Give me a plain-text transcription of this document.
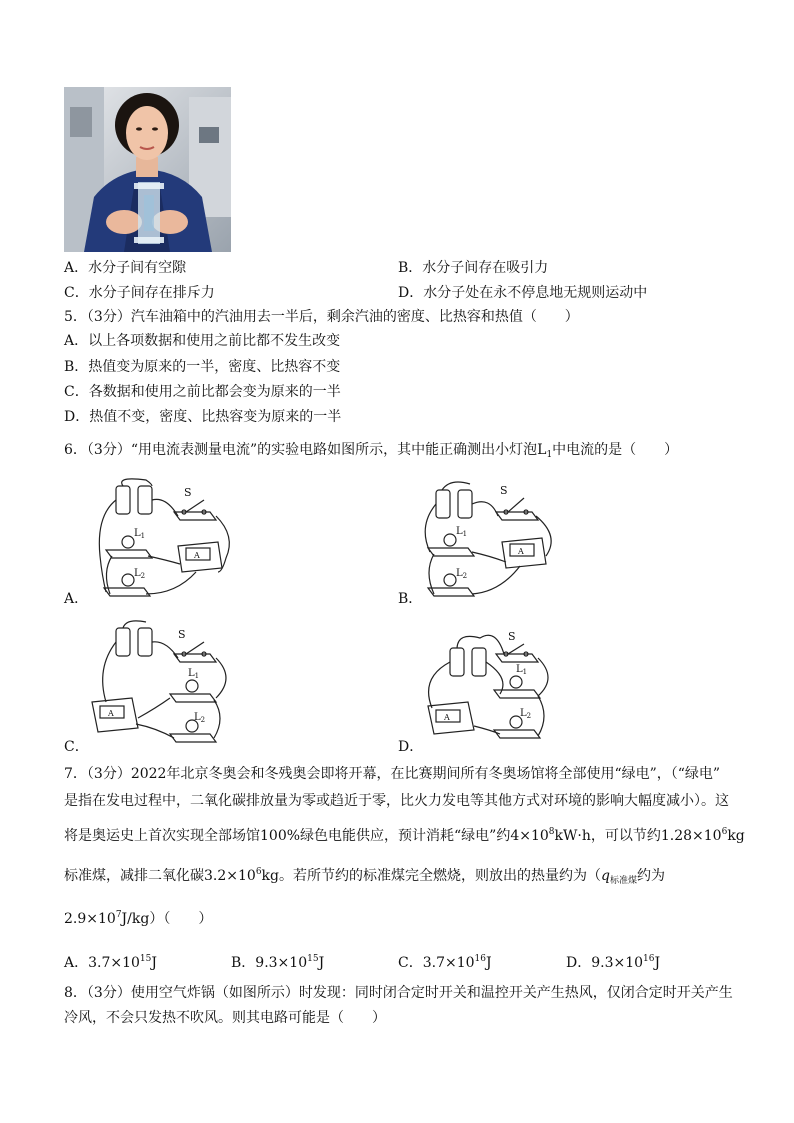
A．水分子间有空隙	B．水分子间存在吸引力
C．水分子间存在排斥力	D．水分子处在永不停息地无规则运动中
5．（3分）汽车油箱中的汽油用去一半后，剩余汽油的密度、比热容和热值（　　）
A．以上各项数据和使用之前比都不发生改变
B．热值变为原来的一半，密度、比热容不变
C．各数据和使用之前比都会变为原来的一半
D．热值不变，密度、比热容变为原来的一半
6．（3分）“用电流表测量电流”的实验电路如图所示，其中能正确测出小灯泡$L_1$中电流的是（　　）
S
$L_1$
$L_2$
A
A．
S
$L_1$
$L_2$
A
B．
S
$L_1$
$L_2$
A
C．
S
$L_1$
$L_2$
A
D．
7．（3分）2022年北京冬奥会和冬残奥会即将开幕，在比赛期间所有冬奥场馆将全部使用“绿电”，（“绿电”
是指在发电过程中，二氧化碳排放量为零或趋近于零，比火力发电等其他方式对环境的影响大幅度减小）。这
将是奥运史上首次实现全部场馆100%绿色电能供应，预计消耗“绿电”约$4\times 10^8kW\cdot h$，可以节约$1.28\times 10^6kg$
标准煤，减排二氧化碳$3.2\times 10^6kg$。若所节约的标准煤完全燃烧，则放出的热量约为（$q_{标准煤}$约为
$2.9\times 10^7J/kg$）（　　）
A．$3.7\times 10^{15}J$	B．$9.3\times 10^{15}J$	C．$3.7\times 10^{16}J$	D．$9.3\times 10^{16}J$
8．（3分）使用空气炸锅（如图所示）时发现：同时闭合定时开关和温控开关产生热风，仅闭合定时开关产生
冷风，不会只发热不吹风。则其电路可能是（　　）
